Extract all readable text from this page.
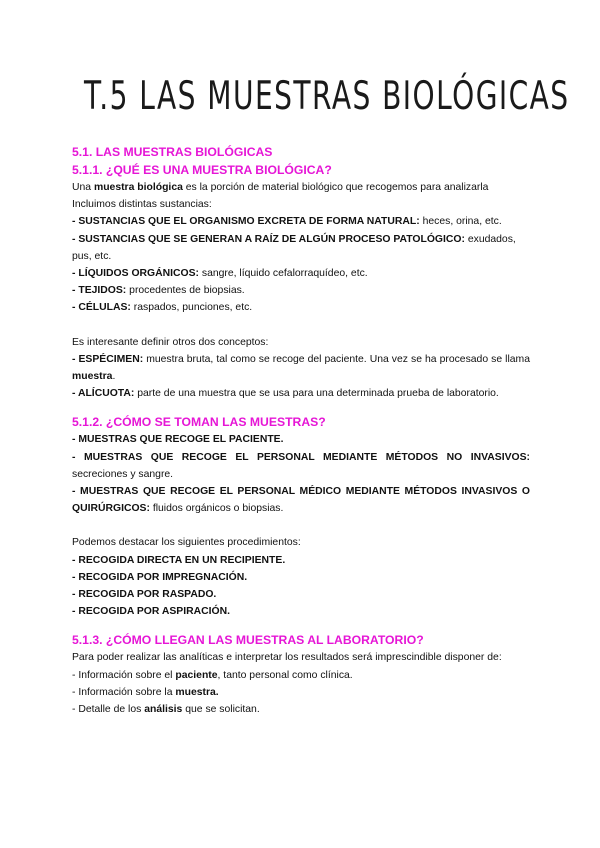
T.5 LAS MUESTRAS BIOLÓGICAS

5.1. LAS MUESTRAS BIOLÓGICAS

5.1.1. ¿QUÉ ES UNA MUESTRA BIOLÓGICA?

Una muestra biológica es la porción de material biológico que recogemos para analizarla

Incluimos distintas sustancias:

- SUSTANCIAS QUE EL ORGANISMO EXCRETA DE FORMA NATURAL: heces, orina, etc.

- SUSTANCIAS QUE SE GENERAN A RAÍZ DE ALGÚN PROCESO PATOLÓGICO: exudados, pus, etc.

- LÍQUIDOS ORGÁNICOS: sangre, líquido cefalorraquídeo, etc.

- TEJIDOS: procedentes de biopsias.

- CÉLULAS: raspados, punciones, etc.

Es interesante definir otros dos conceptos:

- ESPÉCIMEN: muestra bruta, tal como se recoge del paciente. Una vez se ha procesado se llama muestra.

- ALÍCUOTA: parte de una muestra que se usa para una determinada prueba de laboratorio.

5.1.2. ¿CÓMO SE TOMAN LAS MUESTRAS?

- MUESTRAS QUE RECOGE EL PACIENTE.

- MUESTRAS QUE RECOGE EL PERSONAL MEDIANTE MÉTODOS NO INVASIVOS: secreciones y sangre.

- MUESTRAS QUE RECOGE EL PERSONAL MÉDICO MEDIANTE MÉTODOS INVASIVOS O QUIRÚRGICOS: fluidos orgánicos o biopsias.

Podemos destacar los siguientes procedimientos:

- RECOGIDA DIRECTA EN UN RECIPIENTE.

- RECOGIDA POR IMPREGNACIÓN.

- RECOGIDA POR RASPADO.

- RECOGIDA POR ASPIRACIÓN.

5.1.3. ¿CÓMO LLEGAN LAS MUESTRAS AL LABORATORIO?

Para poder realizar las analíticas e interpretar los resultados será imprescindible disponer de:

- Información sobre el paciente, tanto personal como clínica.

- Información sobre la muestra.

- Detalle de los análisis que se solicitan.
